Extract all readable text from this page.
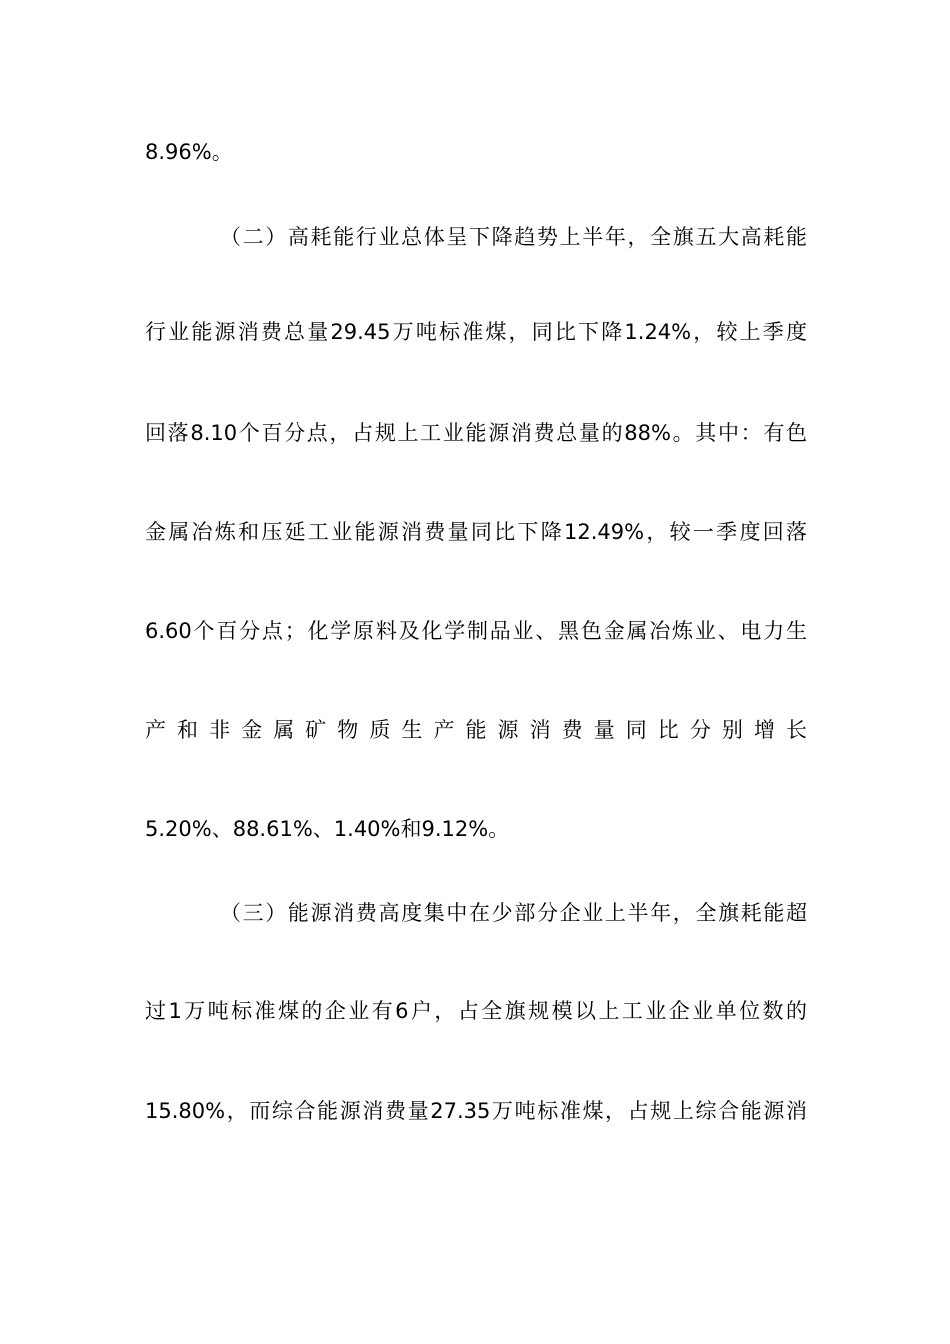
8.96%。

（二）高耗能行业总体呈下降趋势上半年，全旗五大高耗能

行业能源消费总量29.45万吨标准煤，同比下降1.24%，较上季度

回落8.10个百分点，占规上工业能源消费总量的88%。其中：有色

金属冶炼和压延工业能源消费量同比下降12.49%，较一季度回落

6.60个百分点；化学原料及化学制品业、黑色金属冶炼业、电力生

产 和 非 金 属 矿 物 质 生 产 能 源 消 费 量 同 比 分 别 增 长

5.20%、88.61%、1.40%和9.12%。

（三）能源消费高度集中在少部分企业上半年，全旗耗能超

过1万吨标准煤的企业有6户，占全旗规模以上工业企业单位数的

15.80%，而综合能源消费量27.35万吨标准煤，占规上综合能源消
